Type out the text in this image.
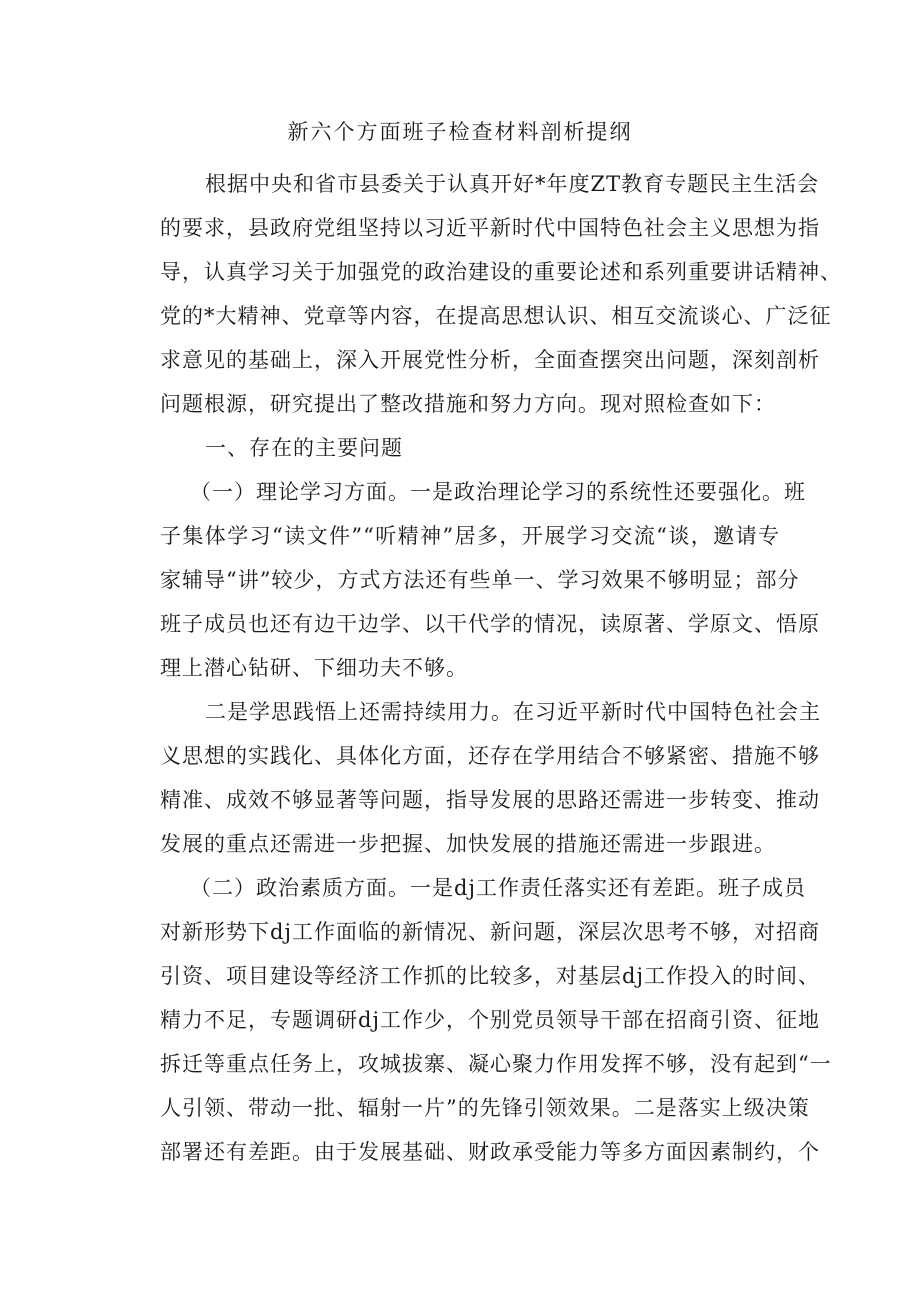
新六个方面班子检查材料剖析提纲
根据中央和省市县委关于认真开好*年度ZT教育专题民主生活会
的要求，县政府党组坚持以习近平新时代中国特色社会主义思想为指
导，认真学习关于加强党的政治建设的重要论述和系列重要讲话精神、
党的*大精神、党章等内容，在提高思想认识、相互交流谈心、广泛征
求意见的基础上，深入开展党性分析，全面查摆突出问题，深刻剖析
问题根源，研究提出了整改措施和努力方向。现对照检查如下：
一、存在的主要问题
（一）理论学习方面。一是政治理论学习的系统性还要强化。班
子集体学习“读文件”“听精神”居多，开展学习交流“谈，邀请专
家辅导“讲”较少，方式方法还有些单一、学习效果不够明显；部分
班子成员也还有边干边学、以干代学的情况，读原著、学原文、悟原
理上潜心钻研、下细功夫不够。
二是学思践悟上还需持续用力。在习近平新时代中国特色社会主
义思想的实践化、具体化方面，还存在学用结合不够紧密、措施不够
精准、成效不够显著等问题，指导发展的思路还需进一步转变、推动
发展的重点还需进一步把握、加快发展的措施还需进一步跟进。
（二）政治素质方面。一是dj工作责任落实还有差距。班子成员
对新形势下dj工作面临的新情况、新问题，深层次思考不够，对招商
引资、项目建设等经济工作抓的比较多，对基层dj工作投入的时间、
精力不足，专题调研dj工作少，个别党员领导干部在招商引资、征地
拆迁等重点任务上，攻城拔寨、凝心聚力作用发挥不够，没有起到“一
人引领、带动一批、辐射一片”的先锋引领效果。二是落实上级决策
部署还有差距。由于发展基础、财政承受能力等多方面因素制约，个
